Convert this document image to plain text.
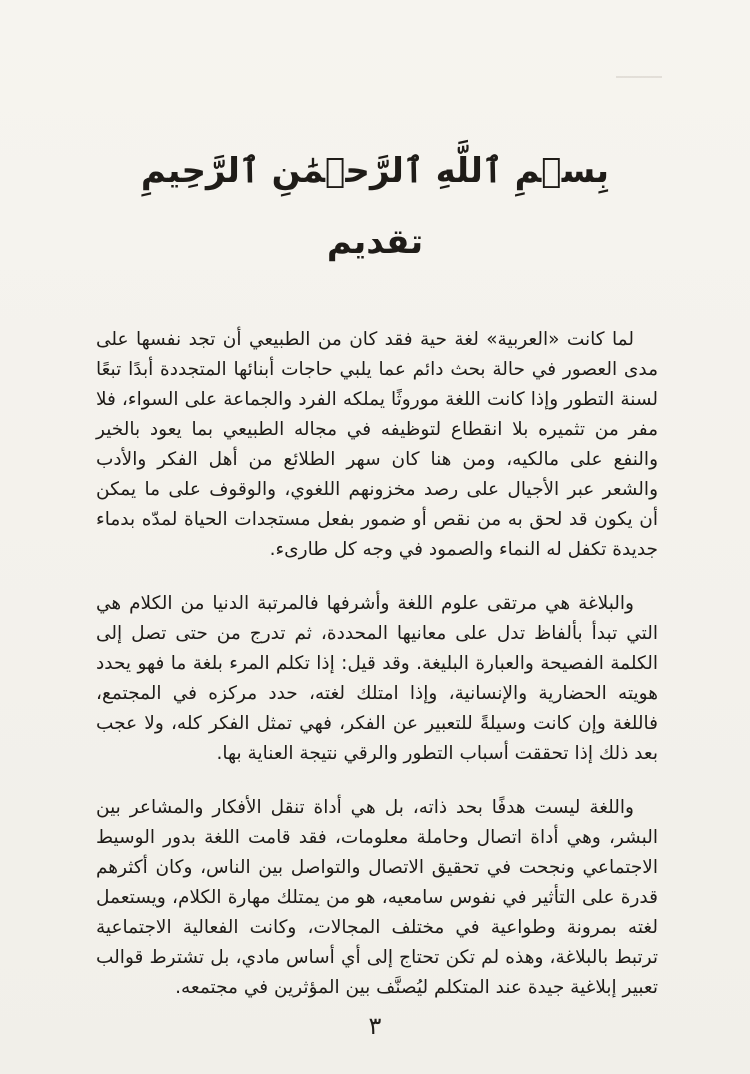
بِسۡمِ ٱللَّهِ ٱلرَّحۡمَٰنِ ٱلرَّحِيمِ
تقديم

لما كانت «العربية» لغة حية فقد كان من الطبيعي أن تجد نفسها على مدى العصور في حالة بحث دائم عما يلبي حاجات أبنائها المتجددة أبدًا تبعًا لسنة التطور وإذا كانت اللغة موروثًا يملكه الفرد والجماعة على السواء، فلا مفر من تثميره بلا انقطاع لتوظيفه في مجاله الطبيعي بما يعود بالخير والنفع على مالكيه، ومن هنا كان سهر الطلائع من أهل الفكر والأدب والشعر عبر الأجيال على رصد مخزونهم اللغوي، والوقوف على ما يمكن أن يكون قد لحق به من نقص أو ضمور بفعل مستجدات الحياة لمدّه بدماء جديدة تكفل له النماء والصمود في وجه كل طارىء.

والبلاغة هي مرتقى علوم اللغة وأشرفها فالمرتبة الدنيا من الكلام هي التي تبدأ بألفاظ تدل على معانيها المحددة، ثم تدرج من حتى تصل إلى الكلمة الفصيحة والعبارة البليغة. وقد قيل: إذا تكلم المرء بلغة ما فهو يحدد هويته الحضارية والإنسانية، وإذا امتلك لغته، حدد مركزه في المجتمع، فاللغة وإن كانت وسيلةً للتعبير عن الفكر، فهي تمثل الفكر كله، ولا عجب بعد ذلك إذا تحققت أسباب التطور والرقي نتيجة العناية بها.

واللغة ليست هدفًا بحد ذاته، بل هي أداة تنقل الأفكار والمشاعر بين البشر، وهي أداة اتصال وحاملة معلومات، فقد قامت اللغة بدور الوسيط الاجتماعي ونجحت في تحقيق الاتصال والتواصل بين الناس، وكان أكثرهم قدرة على التأثير في نفوس سامعيه، هو من يمتلك مهارة الكلام، ويستعمل لغته بمرونة وطواعية في مختلف المجالات، وكانت الفعالية الاجتماعية ترتبط بالبلاغة، وهذه لم تكن تحتاج إلى أي أساس مادي، بل تشترط قوالب تعبير إبلاغية جيدة عند المتكلم ليُصنَّف بين المؤثرين في مجتمعه.

٣
